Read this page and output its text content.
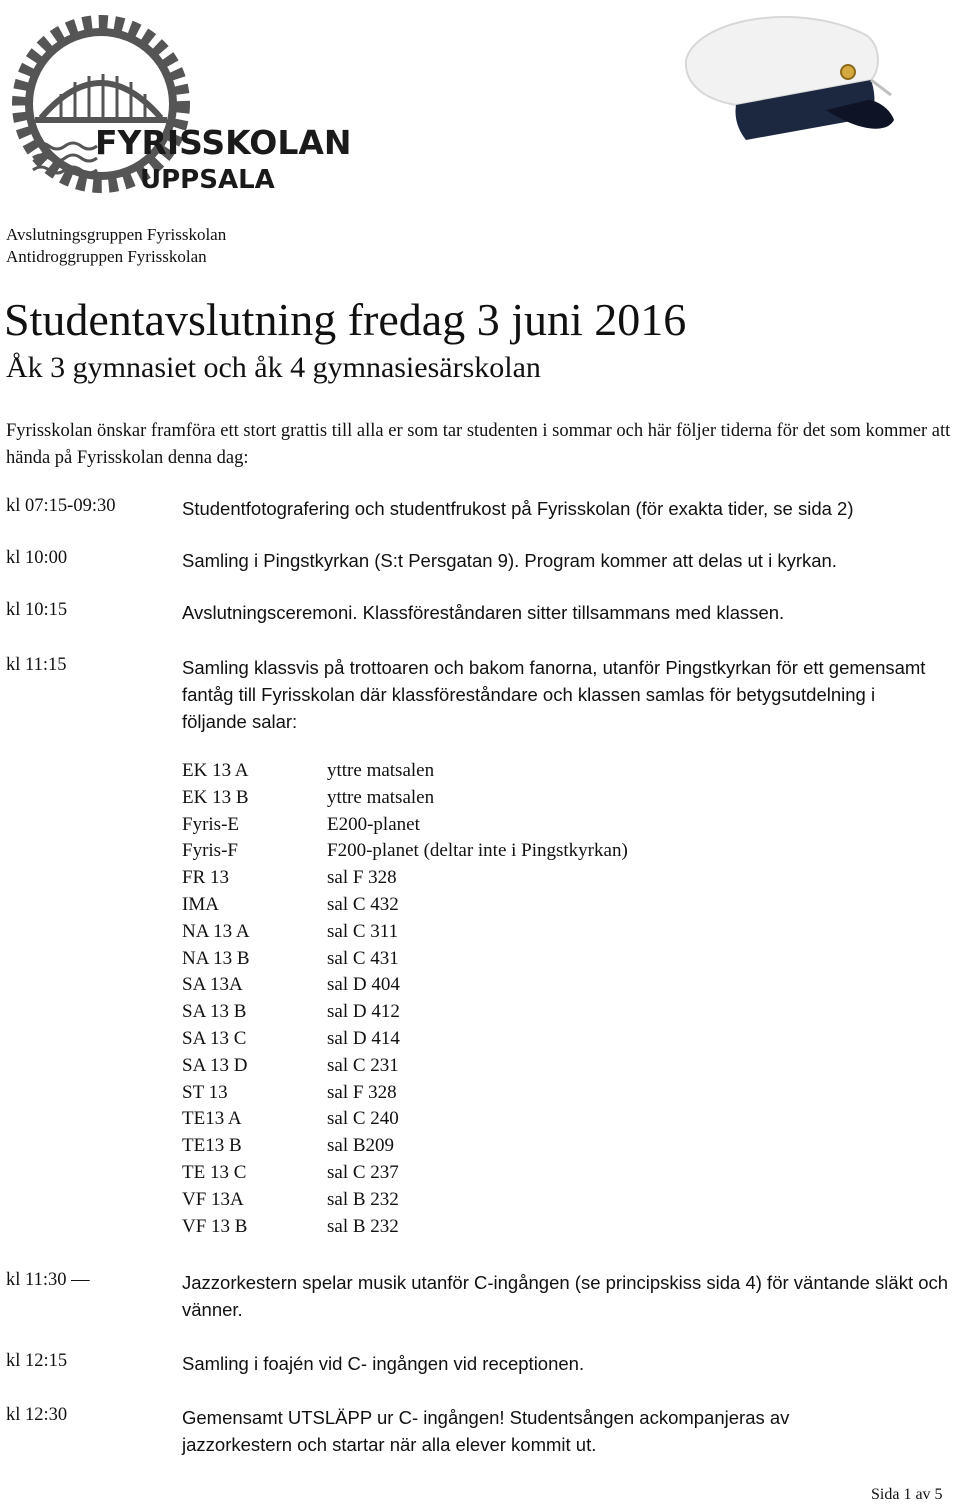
FYRISSKOLAN
UPPSALA
Avslutningsgruppen Fyrisskolan
Antidroggruppen Fyrisskolan
Studentavslutning fredag 3 juni 2016
Åk 3 gymnasiet och åk 4 gymnasiesärskolan
Fyrisskolan önskar framföra ett stort grattis till alla er som tar studenten i sommar och här följer tiderna för det som kommer att hända på Fyrisskolan denna dag:
kl 07:15-09:30	Studentfotografering och studentfrukost på Fyrisskolan (för exakta tider, se sida 2)
kl 10:00	Samling i Pingstkyrkan (S:t Persgatan 9). Program kommer att delas ut i kyrkan.
kl 10:15	Avslutningsceremoni. Klassföreståndaren sitter tillsammans med klassen.
kl 11:15	Samling klassvis på trottoaren och bakom fanorna, utanför Pingstkyrkan för ett gemensamt fantåg till Fyrisskolan där klassföreståndare och klassen samlas för betygsutdelning i följande salar:
EK 13 A	yttre matsalen
EK 13 B	yttre matsalen
Fyris-E	E200-planet
Fyris-F	F200-planet (deltar inte i Pingstkyrkan)
FR 13	sal F 328
IMA	sal C 432
NA 13 A	sal C 311
NA 13 B	sal C 431
SA 13A	sal D 404
SA 13 B	sal D 412
SA 13 C	sal D 414
SA 13 D	sal C 231
ST 13	sal F 328
TE13 A	sal C 240
TE13 B	sal B209
TE 13 C	sal C 237
VF 13A	sal B 232
VF 13 B	sal B 232
kl 11:30 —	Jazzorkestern spelar musik utanför C-ingången (se principskiss sida 4) för väntande släkt och vänner.
kl 12:15	Samling i foajén vid C- ingången vid receptionen.
kl 12:30	Gemensamt UTSLÄPP ur C- ingången! Studentsången ackompanjeras av jazzorkestern och startar när alla elever kommit ut.
Sida 1 av 5
